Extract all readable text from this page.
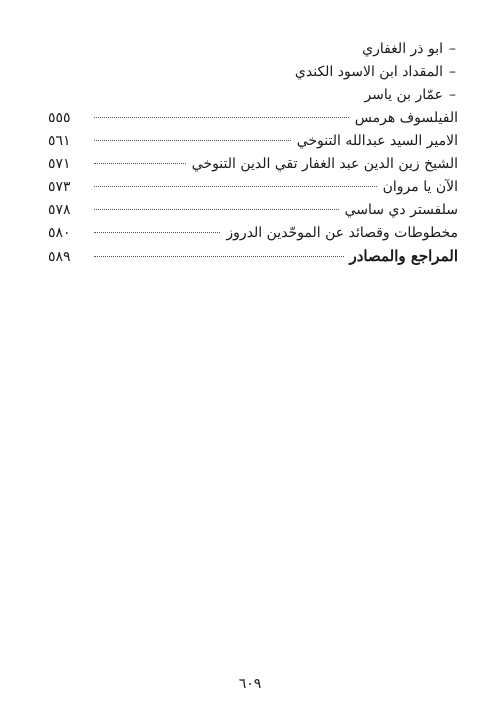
–ابو ذر الغفاري
–المقداد ابن الاسود الكندي
–عمّار بن ياسر
الفيلسوف هرمس
٥٥٥
الامير السيد عبدالله التنوخي
٥٦١
الشيخ زين الدين عبد الغفار تقي الدين التنوخي
٥٧١
الآن يا مروان
٥٧٣
سلفستر دي ساسي
٥٧٨
مخطوطات وقصائد عن الموحّدين الدروز
٥٨٠
المراجع والمصادر
٥٨٩
٦٠٩
